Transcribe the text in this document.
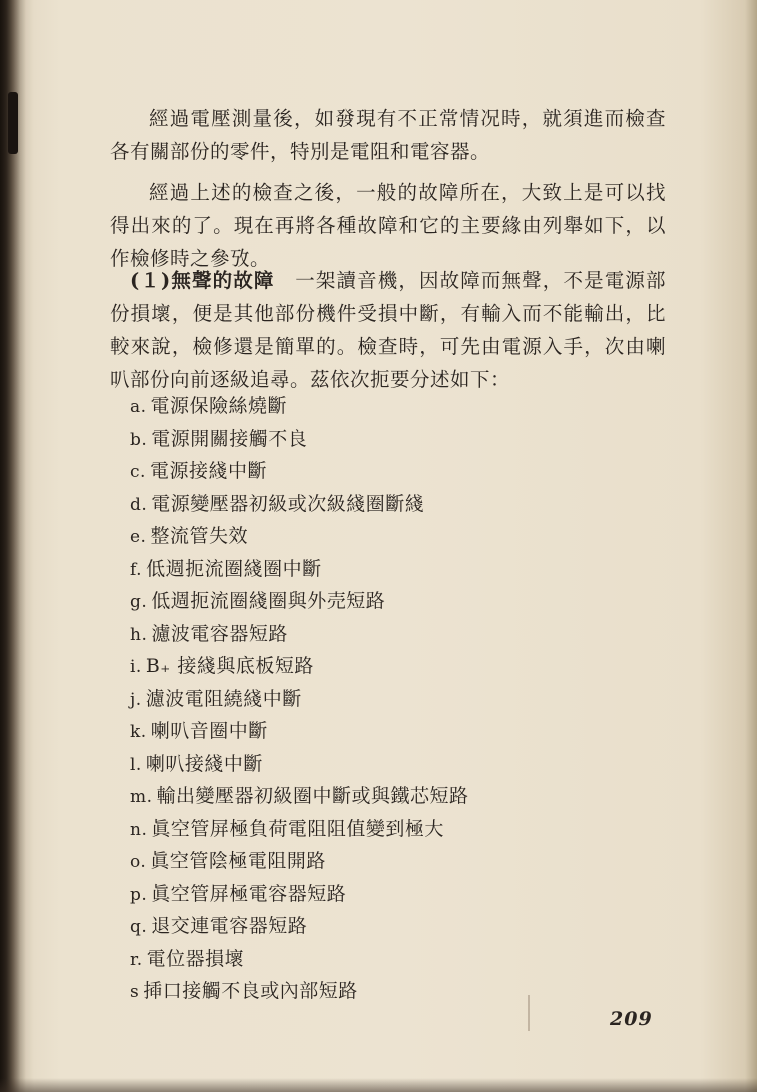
經過電壓測量後，如發現有不正常情况時，就須進而檢查各有關部份的零件，特別是電阻和電容器。

經過上述的檢查之後，一般的故障所在，大致上是可以找得出來的了。現在再將各種故障和它的主要緣由列舉如下，以作檢修時之參攷。

(１)無聲的故障　 一架讀音機，因故障而無聲，不是電源部份損壞，便是其他部份機件受損中斷，有輸入而不能輸出，比較來說，檢修還是簡單的。檢查時，可先由電源入手，次由喇叭部份向前逐級追尋。茲依次扼要分述如下：

a. 電源保險絲燒斷
b. 電源開關接觸不良
c. 電源接綫中斷
d. 電源變壓器初級或次級綫圈斷綫
e. 整流管失效
f. 低週扼流圈綫圈中斷
g. 低週扼流圈綫圈與外売短路
h. 濾波電容器短路
i. B₊ 接綫與底板短路
j. 濾波電阻繞綫中斷
k. 喇叭音圈中斷
l. 喇叭接綫中斷
m. 輸出變壓器初級圈中斷或與鐵芯短路
n. 眞空管屏極負荷電阻阻值變到極大
o. 眞空管陰極電阻開路
p. 眞空管屏極電容器短路
q. 退交連電容器短路
r. 電位器損壞
s 揷口接觸不良或內部短路
209
